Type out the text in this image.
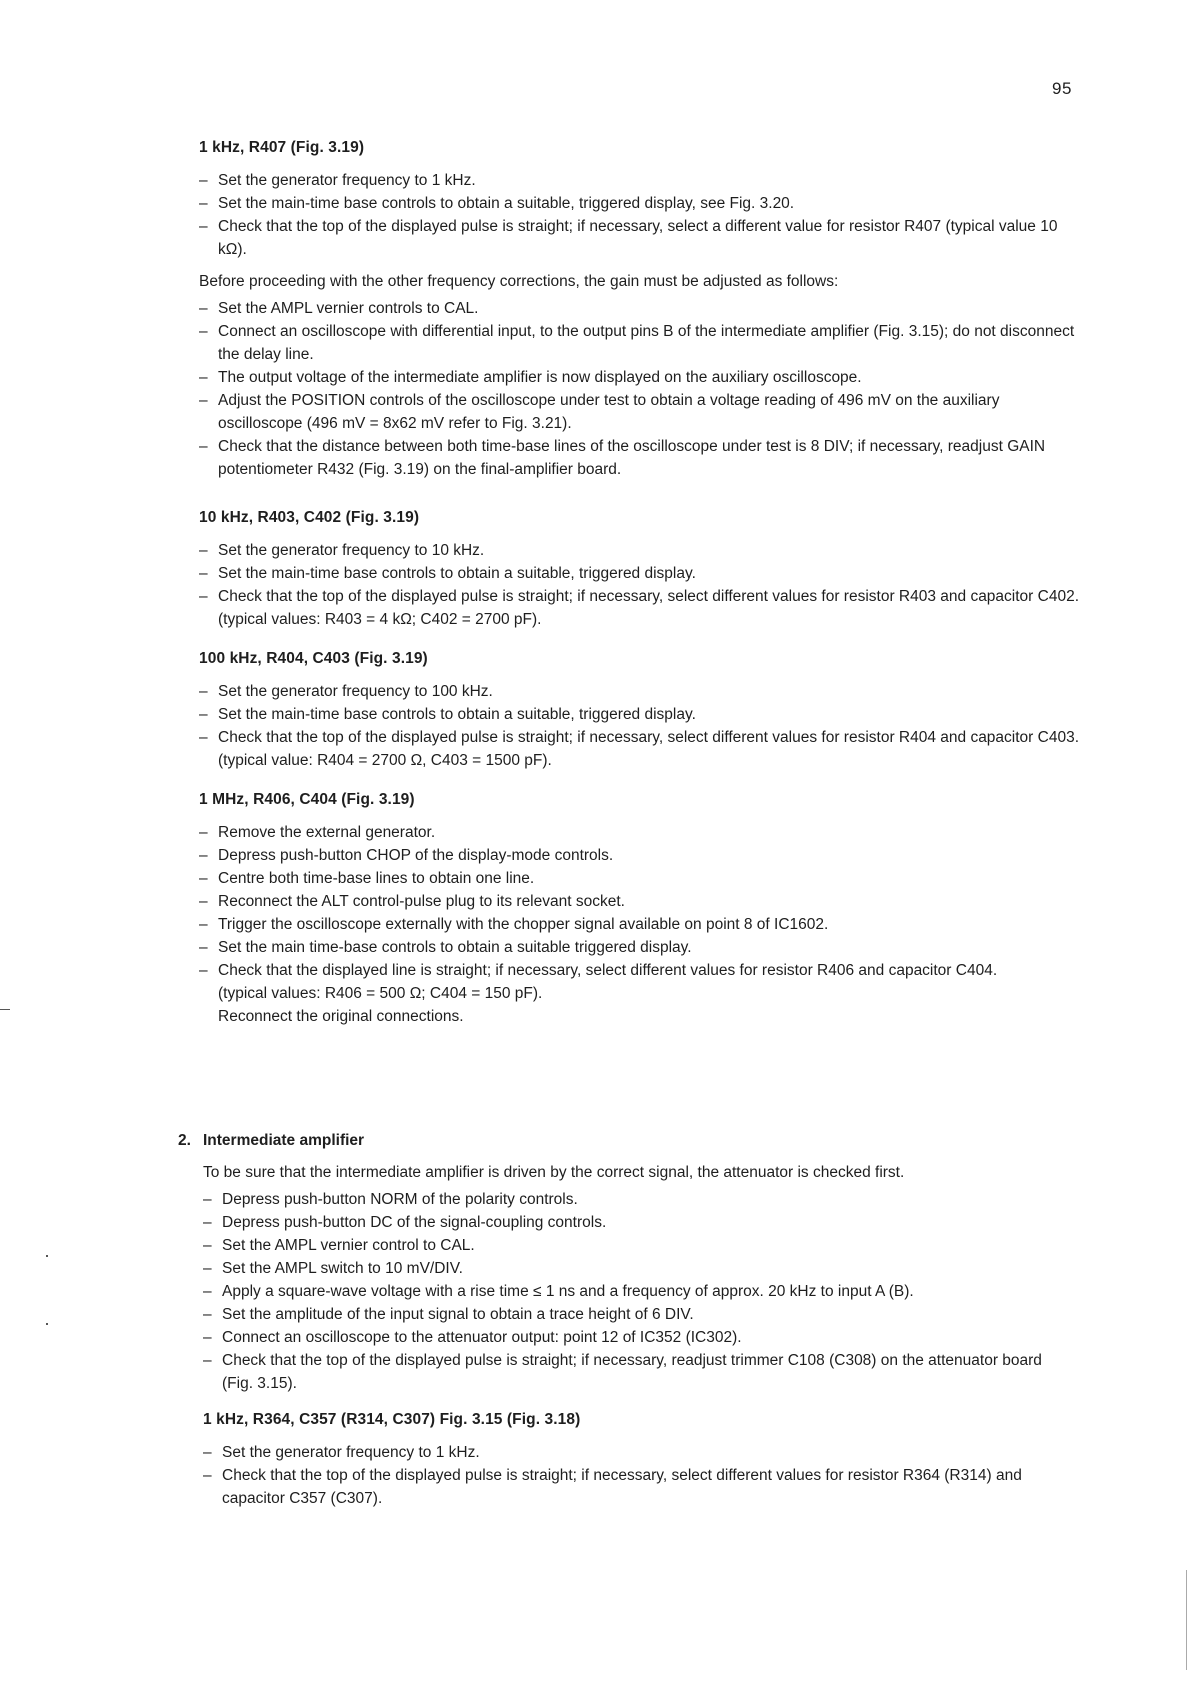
95
1 kHz, R407 (Fig. 3.19)
– Set the generator frequency to 1 kHz.
– Set the main-time base controls to obtain a suitable, triggered display, see Fig. 3.20.
– Check that the top of the displayed pulse is straight; if necessary, select a different value for resistor R407 (typical value 10 kΩ).
Before proceeding with the other frequency corrections, the gain must be adjusted as follows:
– Set the AMPL vernier controls to CAL.
– Connect an oscilloscope with differential input, to the output pins B of the intermediate amplifier (Fig. 3.15); do not disconnect the delay line.
– The output voltage of the intermediate amplifier is now displayed on the auxiliary oscilloscope.
– Adjust the POSITION controls of the oscilloscope under test to obtain a voltage reading of 496 mV on the auxiliary oscilloscope (496 mV = 8x62 mV refer to Fig. 3.21).
– Check that the distance between both time-base lines of the oscilloscope under test is 8 DIV; if necessary, readjust GAIN potentiometer R432 (Fig. 3.19) on the final-amplifier board.
10 kHz, R403, C402 (Fig. 3.19)
– Set the generator frequency to 10 kHz.
– Set the main-time base controls to obtain a suitable, triggered display.
– Check that the top of the displayed pulse is straight; if necessary, select different values for resistor R403 and capacitor C402.
(typical values: R403 = 4 kΩ; C402 = 2700 pF).
100 kHz, R404, C403 (Fig. 3.19)
– Set the generator frequency to 100 kHz.
– Set the main-time base controls to obtain a suitable, triggered display.
– Check that the top of the displayed pulse is straight; if necessary, select different values for resistor R404 and capacitor C403.
(typical value: R404 = 2700 Ω, C403 = 1500 pF).
1 MHz, R406, C404 (Fig. 3.19)
– Remove the external generator.
– Depress push-button CHOP of the display-mode controls.
– Centre both time-base lines to obtain one line.
– Reconnect the ALT control-pulse plug to its relevant socket.
– Trigger the oscilloscope externally with the chopper signal available on point 8 of IC1602.
– Set the main time-base controls to obtain a suitable triggered display.
– Check that the displayed line is straight; if necessary, select different values for resistor R406 and capacitor C404.
(typical values: R406 = 500 Ω; C404 = 150 pF).
Reconnect the original connections.
2. Intermediate amplifier
To be sure that the intermediate amplifier is driven by the correct signal, the attenuator is checked first.
– Depress push-button NORM of the polarity controls.
– Depress push-button DC of the signal-coupling controls.
– Set the AMPL vernier control to CAL.
– Set the AMPL switch to 10 mV/DIV.
– Apply a square-wave voltage with a rise time ≤ 1 ns and a frequency of approx. 20 kHz to input A (B).
– Set the amplitude of the input signal to obtain a trace height of 6 DIV.
– Connect an oscilloscope to the attenuator output: point 12 of IC352 (IC302).
– Check that the top of the displayed pulse is straight; if necessary, readjust trimmer C108 (C308) on the attenuator board (Fig. 3.15).
1 kHz, R364, C357 (R314, C307) Fig. 3.15 (Fig. 3.18)
– Set the generator frequency to 1 kHz.
– Check that the top of the displayed pulse is straight; if necessary, select different values for resistor R364 (R314) and capacitor C357 (C307).
